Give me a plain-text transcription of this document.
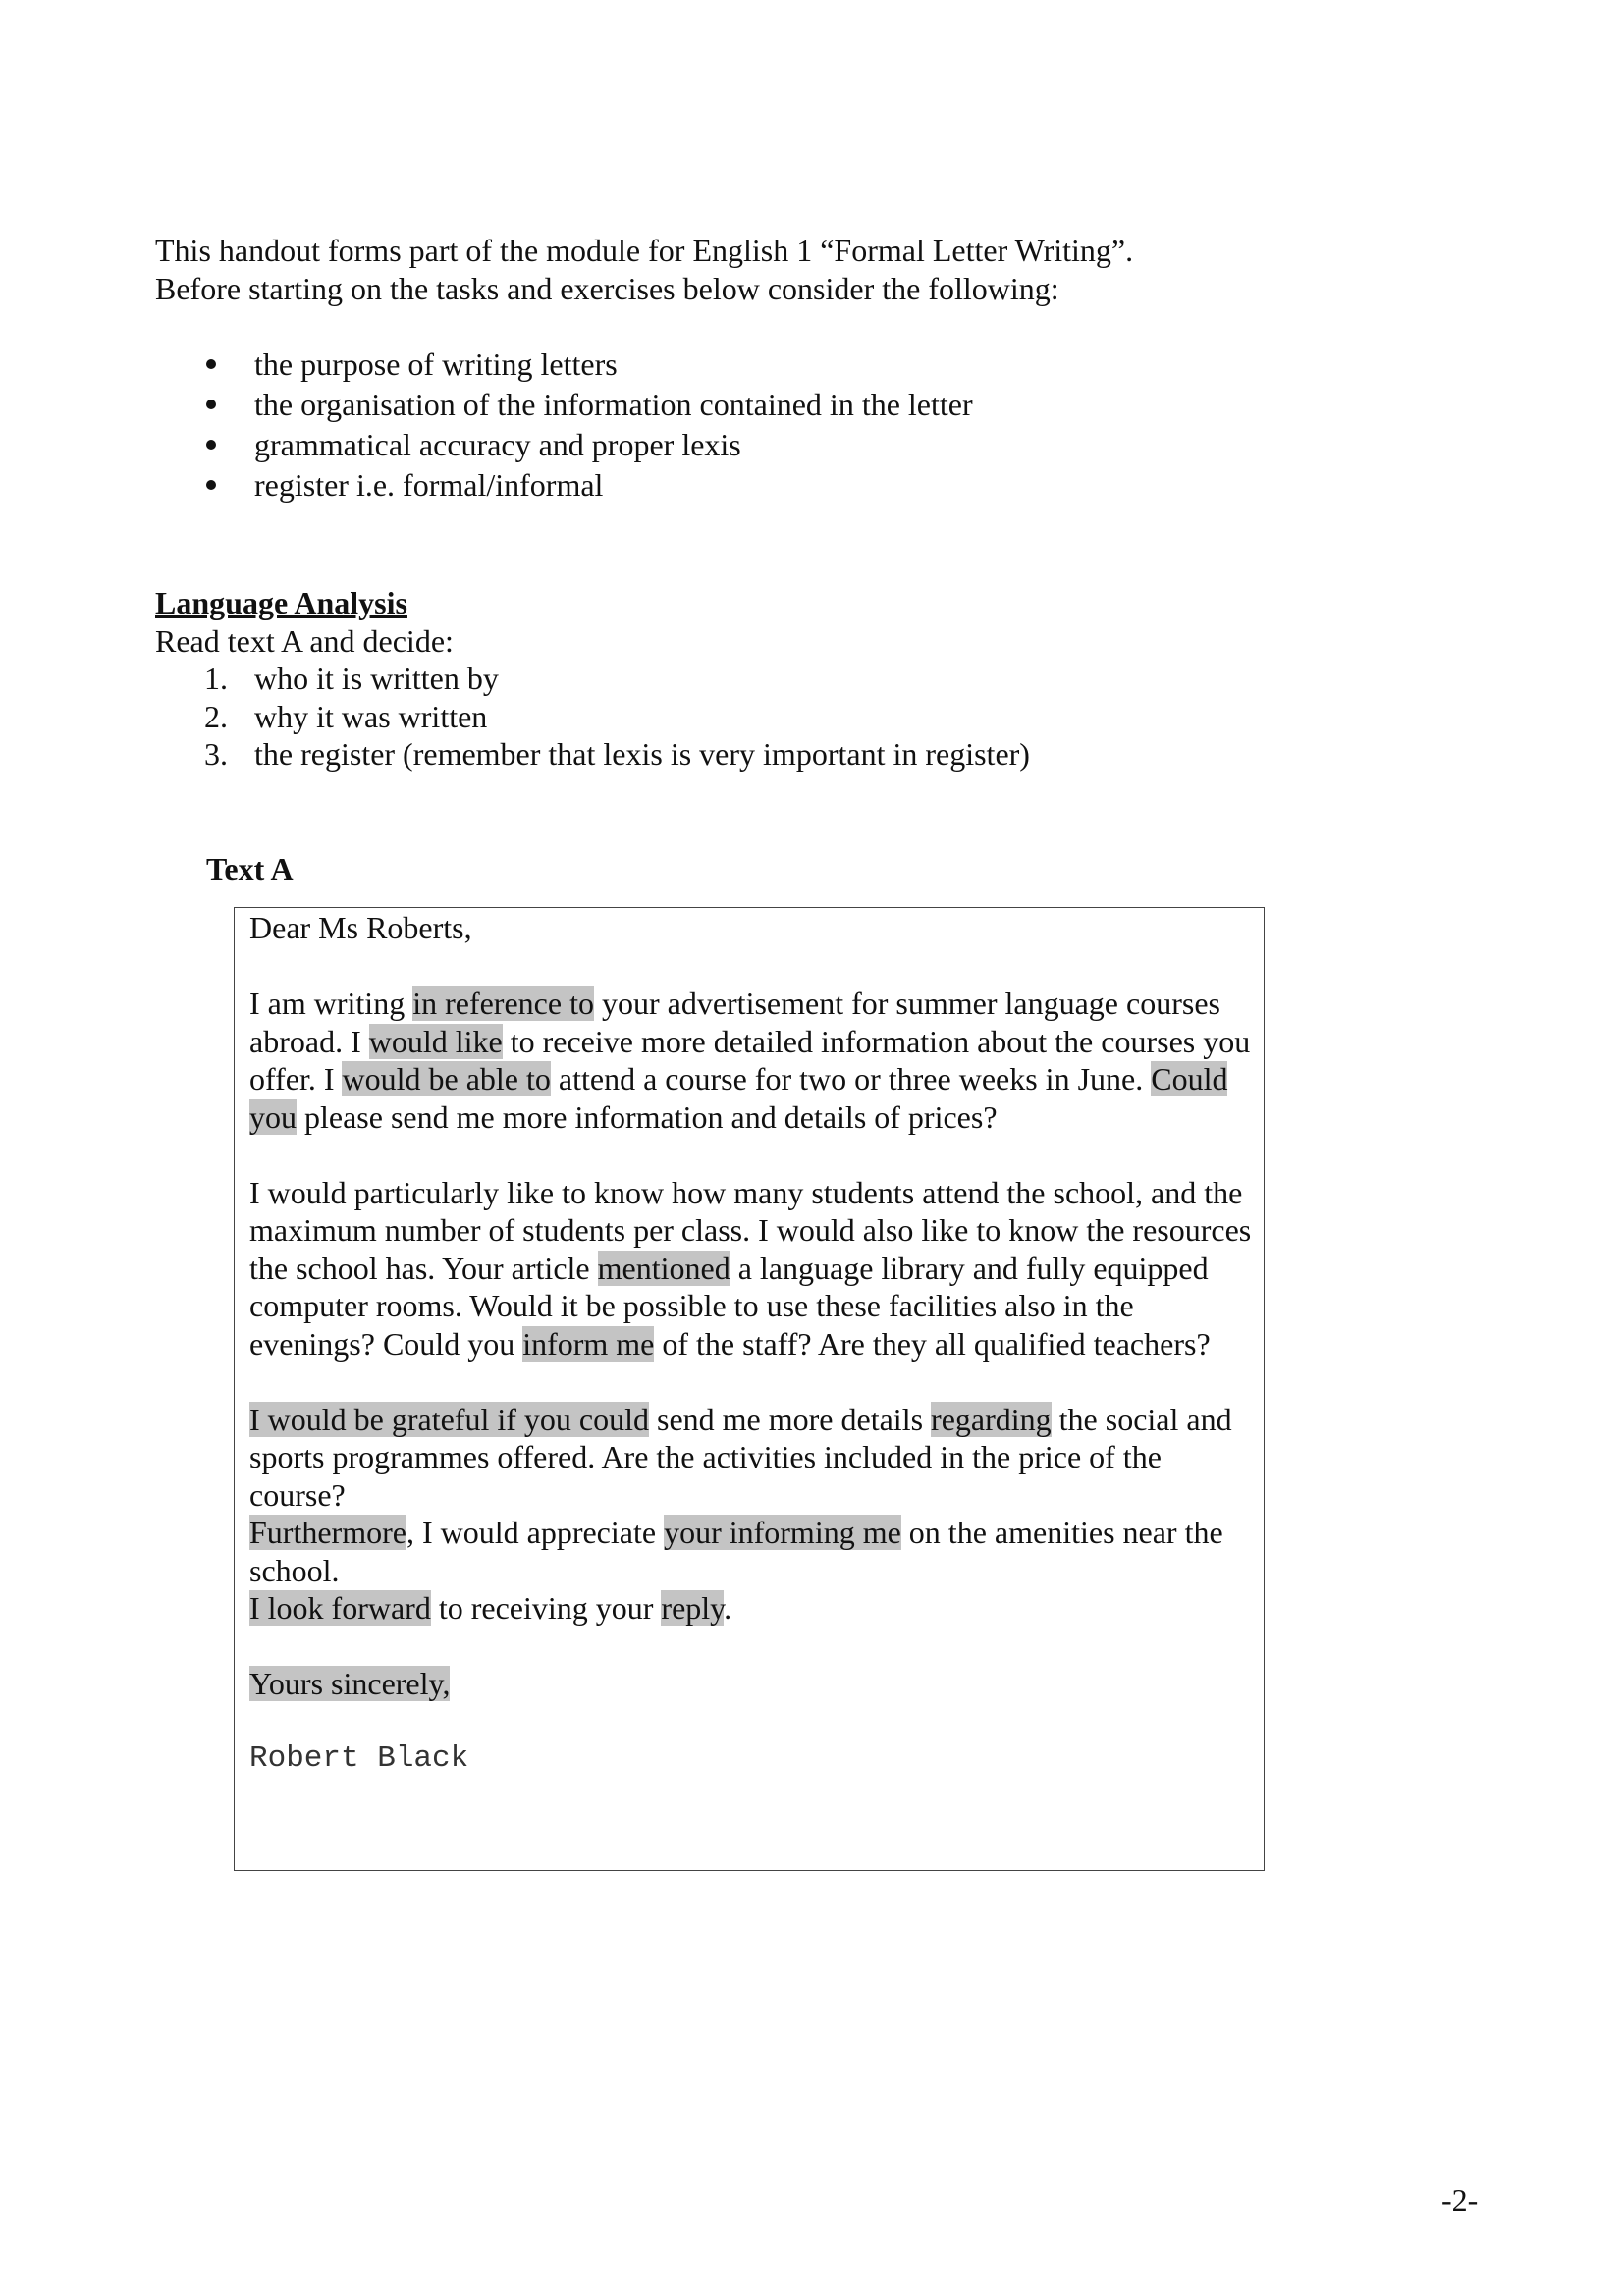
This handout forms part of the module for English 1 “Formal Letter Writing”.
Before starting on the tasks and exercises below consider the following:
the purpose of writing letters
the organisation of the information contained in the letter
grammatical accuracy and proper lexis
register i.e. formal/informal
Language Analysis
Read text A and decide:
1. who it is written by
2. why it was written
3. the register (remember that lexis is very important in register)
Text A

Dear Ms Roberts,

I am writing in reference to your advertisement for summer language courses abroad. I would like to receive more detailed information about the courses you offer. I would be able to attend a course for two or three weeks in June. Could you please send me more information and details of prices?

I would particularly like to know how many students attend the school, and the maximum number of students per class. I would also like to know the resources the school has. Your article mentioned a language library and fully equipped computer rooms. Would it be possible to use these facilities also in the evenings? Could you inform me of the staff? Are they all qualified teachers?

I would be grateful if you could send me more details regarding the social and sports programmes offered. Are the activities included in the price of the course?

Furthermore, I would appreciate your informing me on the amenities near the school.

I look forward to receiving your reply.

Yours sincerely,

Robert Black

-2-
